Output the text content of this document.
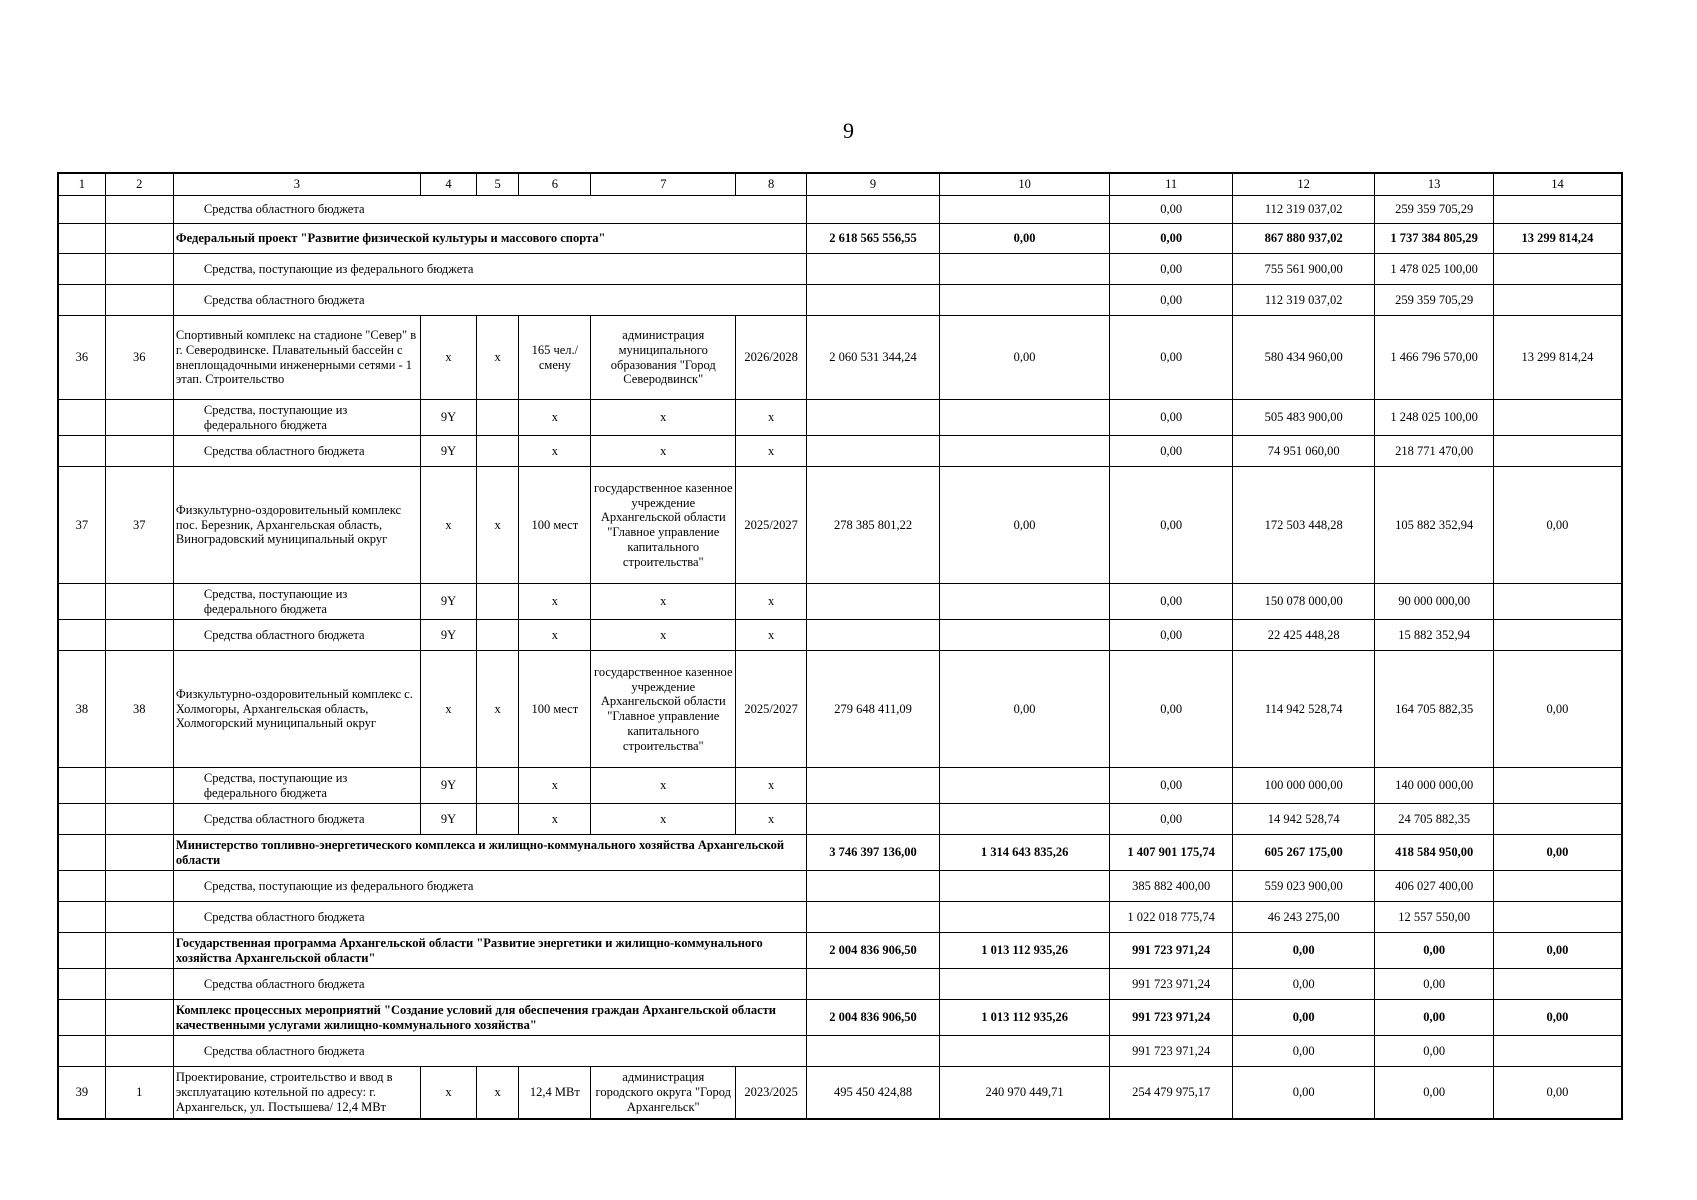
9
1	2	3	4	5	6	7	8	9	10	11	12	13	14
		Средства областного бюджета								0,00	112 319 037,02	259 359 705,29	
		Федеральный проект "Развитие физической культуры и массового спорта"						2 618 565 556,55	0,00	0,00	867 880 937,02	1 737 384 805,29	13 299 814,24
		Средства, поступающие из федерального бюджета								0,00	755 561 900,00	1 478 025 100,00	
		Средства областного бюджета								0,00	112 319 037,02	259 359 705,29	
36	36	Спортивный комплекс на стадионе "Север" в г. Северодвинске. Плавательный бассейн с внеплощадочными инженерными сетями - 1 этап. Строительство	x	x	165 чел./смену	администрация муниципального образования "Город Северодвинск"	2026/2028	2 060 531 344,24	0,00	0,00	580 434 960,00	1 466 796 570,00	13 299 814,24
		Средства, поступающие из федерального бюджета	9Y		x	x	x			0,00	505 483 900,00	1 248 025 100,00	
		Средства областного бюджета	9Y		x	x	x			0,00	74 951 060,00	218 771 470,00	
37	37	Физкультурно-оздоровительный комплекс пос. Березник, Архангельская область, Виноградовский муниципальный округ	x	x	100 мест	государственное казенное учреждение Архангельской области "Главное управление капитального строительства"	2025/2027	278 385 801,22	0,00	0,00	172 503 448,28	105 882 352,94	0,00
		Средства, поступающие из федерального бюджета	9Y		x	x	x			0,00	150 078 000,00	90 000 000,00	
		Средства областного бюджета	9Y		x	x	x			0,00	22 425 448,28	15 882 352,94	
38	38	Физкультурно-оздоровительный комплекс с. Холмогоры, Архангельская область, Холмогорский муниципальный округ	x	x	100 мест	государственное казенное учреждение Архангельской области "Главное управление капитального строительства"	2025/2027	279 648 411,09	0,00	0,00	114 942 528,74	164 705 882,35	0,00
		Средства, поступающие из федерального бюджета	9Y		x	x	x			0,00	100 000 000,00	140 000 000,00	
		Средства областного бюджета	9Y		x	x	x			0,00	14 942 528,74	24 705 882,35	
		Министерство топливно-энергетического комплекса и жилищно-коммунального хозяйства Архангельской области						3 746 397 136,00	1 314 643 835,26	1 407 901 175,74	605 267 175,00	418 584 950,00	0,00
		Средства, поступающие из федерального бюджета								385 882 400,00	559 023 900,00	406 027 400,00	
		Средства областного бюджета								1 022 018 775,74	46 243 275,00	12 557 550,00	
		Государственная программа Архангельской области "Развитие энергетики и жилищно-коммунального хозяйства Архангельской области"						2 004 836 906,50	1 013 112 935,26	991 723 971,24	0,00	0,00	0,00
		Средства областного бюджета								991 723 971,24	0,00	0,00	
		Комплекс процессных мероприятий "Создание условий для обеспечения граждан Архангельской области качественными услугами жилищно-коммунального хозяйства"						2 004 836 906,50	1 013 112 935,26	991 723 971,24	0,00	0,00	0,00
		Средства областного бюджета								991 723 971,24	0,00	0,00	
39	1	Проектирование, строительство и ввод в эксплуатацию котельной по адресу: г. Архангельск, ул. Постышева/ 12,4 МВт	x	x	12,4 МВт	администрация городского округа "Город Архангельск"	2023/2025	495 450 424,88	240 970 449,71	254 479 975,17	0,00	0,00	0,00
